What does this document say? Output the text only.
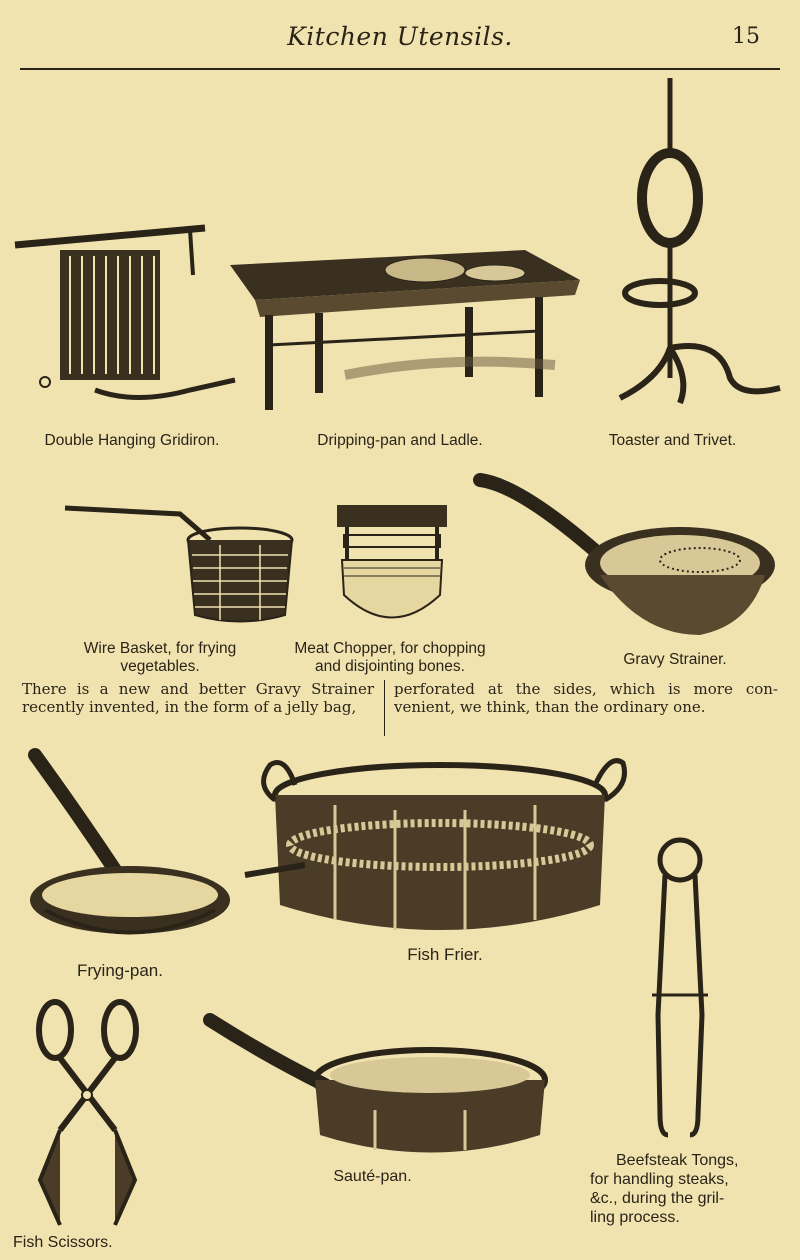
Kitchen Utensils.	15
Double Hanging Gridiron.	Dripping-pan and Ladle.	Toaster and Trivet.
Wire Basket, for frying
vegetables.
Meat Chopper, for chopping
and disjointing bones.	Gravy Strainer.
There is a new and better Gravy Strainer recently invented, in the form of a jelly bag,
perforated at the sides, which is more con- venient, we think, than the ordinary one.
Frying-pan.
Fish Frier.
Beefsteak Tongs,
for handling steaks,
&c., during the gril-
ling process.
Fish Scissors.
Sauté-pan.
